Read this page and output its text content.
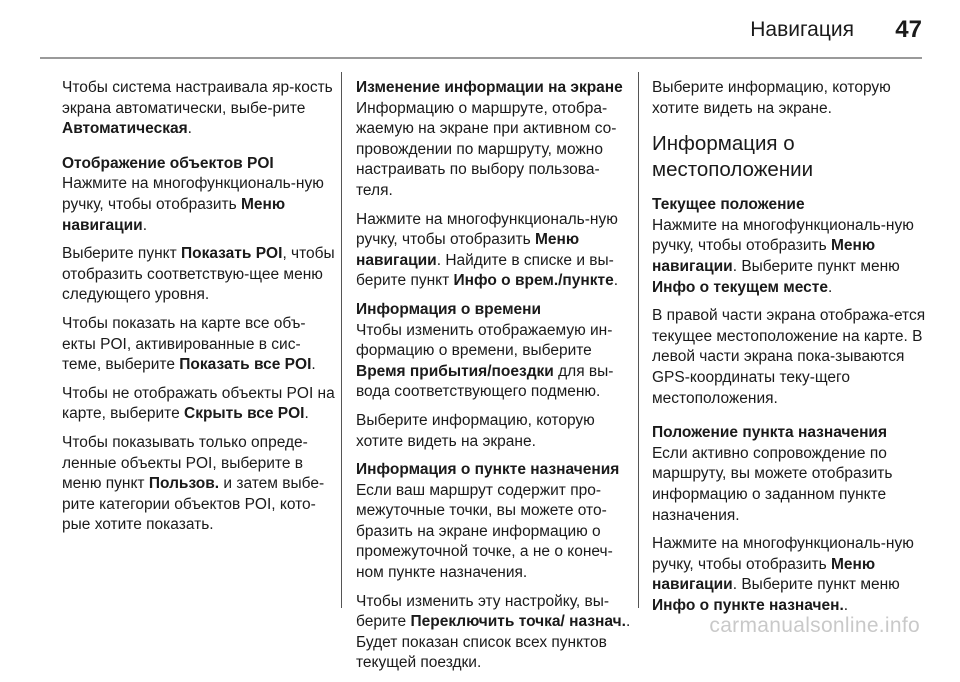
Навигация 47

Чтобы система настраивала яр-кость экрана автоматически, выбе-рите Автоматическая.

Отображение объектов POI

Нажмите на многофункциональ-ную ручку, чтобы отобразить Меню навигации.

Выберите пункт Показать POI, чтобы отобразить соответствую-щее меню следующего уровня.

Чтобы показать на карте все объ-екты POI, активированные в сис-теме, выберите Показать все POI.

Чтобы не отображать объекты POI на карте, выберите Скрыть все POI.

Чтобы показывать только опреде-ленные объекты POI, выберите в меню пункт Пользов. и затем выбе-рите категории объектов POI, кото-рые хотите показать.

Изменение информации на экране

Информацию о маршруте, отобра-жаемую на экране при активном со-провождении по маршруту, можно настраивать по выбору пользова-теля.

Нажмите на многофункциональ-ную ручку, чтобы отобразить Меню навигации. Найдите в списке и вы-берите пункт Инфо о врем./пункте.

Информация о времени

Чтобы изменить отображаемую ин-формацию о времени, выберите Время прибытия/поездки для вы-вода соответствующего подменю.

Выберите информацию, которую хотите видеть на экране.

Информация о пункте назначения

Если ваш маршрут содержит про-межуточные точки, вы можете ото-бразить на экране информацию о промежуточной точке, а не о конеч-ном пункте назначения.

Чтобы изменить эту настройку, вы-берите Переключить точка/ назнач.. Будет показан список всех пунктов текущей поездки.

Выберите информацию, которую хотите видеть на экране.

Информация о местоположении

Текущее положение

Нажмите на многофункциональ-ную ручку, чтобы отобразить Меню навигации. Выберите пункт меню Инфо о текущем месте.

В правой части экрана отобража-ется текущее местоположение на карте. В левой части экрана пока-зываются GPS-координаты теку-щего местоположения.

Положение пункта назначения

Если активно сопровождение по маршруту, вы можете отобразить информацию о заданном пункте назначения.

Нажмите на многофункциональ-ную ручку, чтобы отобразить Меню навигации. Выберите пункт меню Инфо о пункте назначен..

carmanualsonline.info
